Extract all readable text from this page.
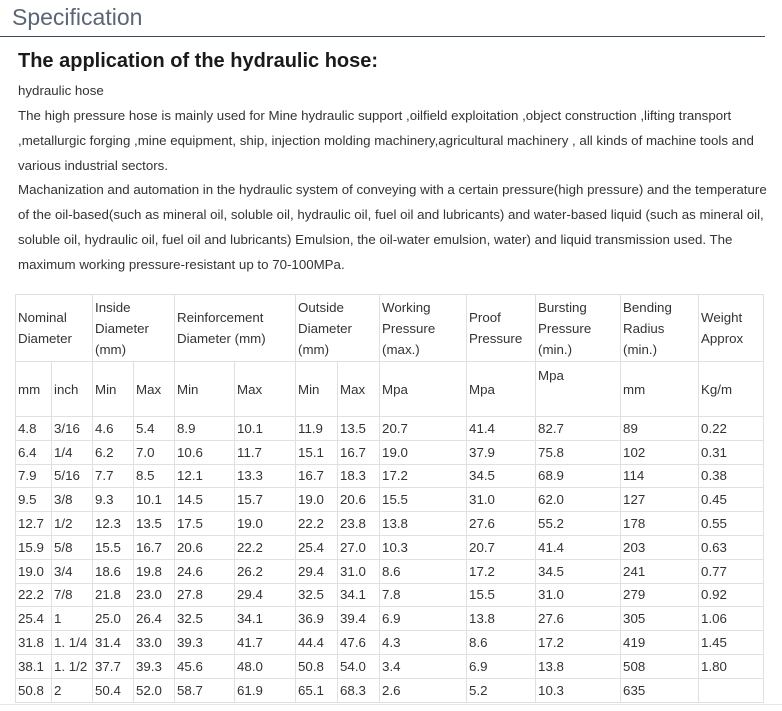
Specification
The application of the hydraulic hose:
hydraulic hose
The high pressure hose is mainly used for Mine hydraulic support ,oilfield exploitation ,object construction ,lifting transport ,metallurgic forging ,mine equipment, ship, injection molding machinery,agricultural machinery , all kinds of machine tools and various industrial sectors.
Machanization and automation in the hydraulic system of conveying with a certain pressure(high pressure) and the temperature of the oil-based(such as mineral oil, soluble oil, hydraulic oil, fuel oil and lubricants) and water-based liquid (such as mineral oil, soluble oil, hydraulic oil, fuel oil and lubricants) Emulsion, the oil-water emulsion, water) and liquid transmission used. The maximum working pressure-resistant up to 70-100MPa.
Nominal Diameter		Inside Diameter (mm)		Reinforcement Diameter (mm)		Outside Diameter (mm)		Working Pressure (max.)	Proof Pressure	Bursting Pressure (min.)	Bending Radius (min.)	Weight Approx
mm	inch	Min	Max	Min	Max	Min	Max	Mpa	Mpa	Mpa	mm	Kg/m
4.8	3/16	4.6	5.4	8.9	10.1	11.9	13.5	20.7	41.4	82.7	89	0.22
6.4	1/4	6.2	7.0	10.6	11.7	15.1	16.7	19.0	37.9	75.8	102	0.31
7.9	5/16	7.7	8.5	12.1	13.3	16.7	18.3	17.2	34.5	68.9	114	0.38
9.5	3/8	9.3	10.1	14.5	15.7	19.0	20.6	15.5	31.0	62.0	127	0.45
12.7	1/2	12.3	13.5	17.5	19.0	22.2	23.8	13.8	27.6	55.2	178	0.55
15.9	5/8	15.5	16.7	20.6	22.2	25.4	27.0	10.3	20.7	41.4	203	0.63
19.0	3/4	18.6	19.8	24.6	26.2	29.4	31.0	8.6	17.2	34.5	241	0.77
22.2	7/8	21.8	23.0	27.8	29.4	32.5	34.1	7.8	15.5	31.0	279	0.92
25.4	1	25.0	26.4	32.5	34.1	36.9	39.4	6.9	13.8	27.6	305	1.06
31.8	1. 1/4	31.4	33.0	39.3	41.7	44.4	47.6	4.3	8.6	17.2	419	1.45
38.1	1. 1/2	37.7	39.3	45.6	48.0	50.8	54.0	3.4	6.9	13.8	508	1.80
50.8	2	50.4	52.0	58.7	61.9	65.1	68.3	2.6	5.2	10.3	635	
